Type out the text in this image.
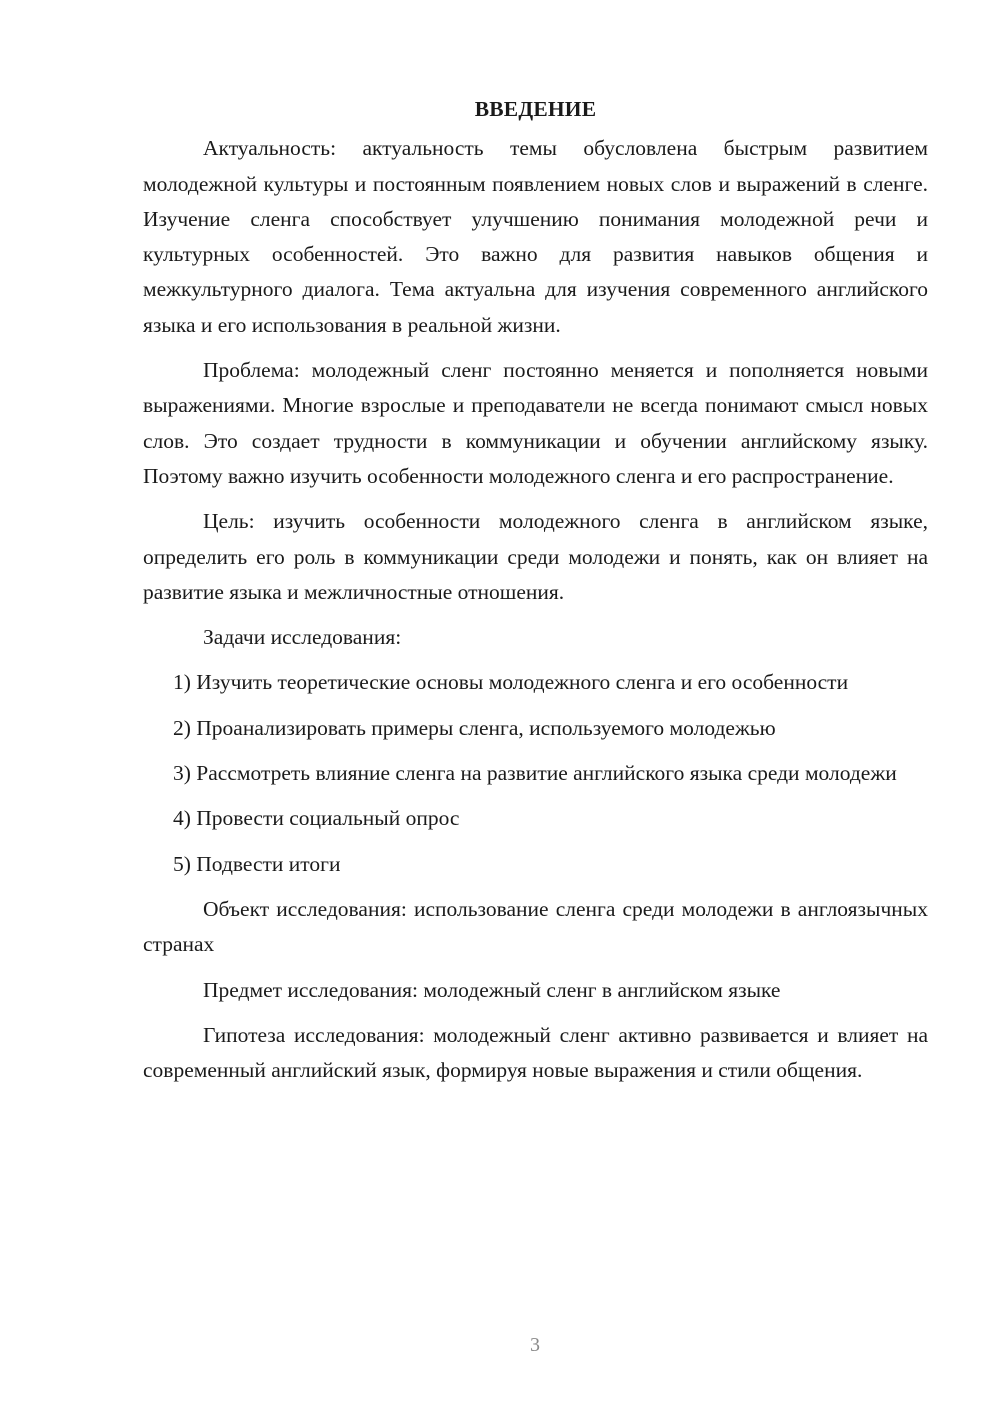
ВВЕДЕНИЕ

Актуальность: актуальность темы обусловлена быстрым развитием молодежной культуры и постоянным появлением новых слов и выражений в сленге. Изучение сленга способствует улучшению понимания молодежной речи и культурных особенностей. Это важно для развития навыков общения и межкультурного диалога. Тема актуальна для изучения современного английского языка и его использования в реальной жизни.

Проблема: молодежный сленг постоянно меняется и пополняется новыми выражениями. Многие взрослые и преподаватели не всегда понимают смысл новых слов. Это создает трудности в коммуникации и обучении английскому языку. Поэтому важно изучить особенности молодежного сленга и его распространение.

Цель: изучить особенности молодежного сленга в английском языке, определить его роль в коммуникации среди молодежи и понять, как он влияет на развитие языка и межличностные отношения.

Задачи исследования:

1) Изучить теоретические основы молодежного сленга и его особенности

2) Проанализировать примеры сленга, используемого молодежью

3) Рассмотреть влияние сленга на развитие английского языка среди молодежи

4) Провести социальный опрос

5) Подвести итоги

Объект исследования: использование сленга среди молодежи в англоязычных странах

Предмет исследования: молодежный сленг в английском языке

Гипотеза исследования: молодежный сленг активно развивается и влияет на современный английский язык, формируя новые выражения и стили общения.

3
